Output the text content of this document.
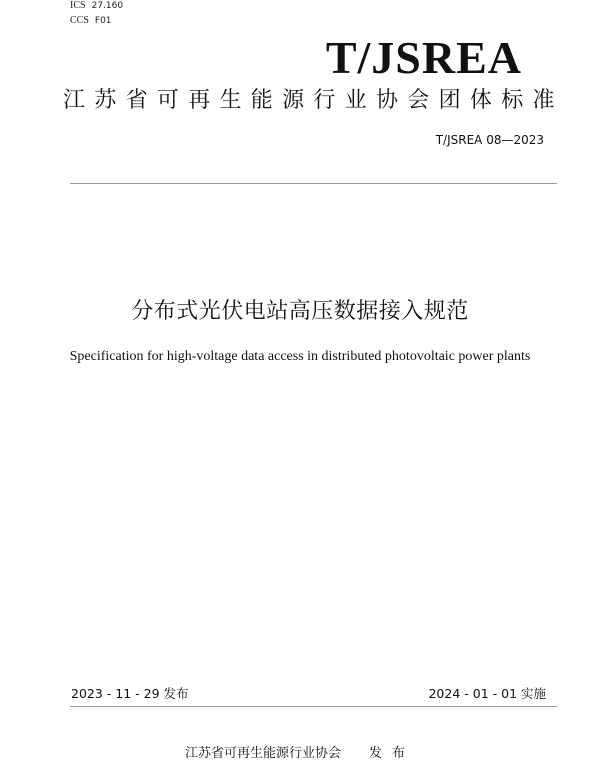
ICS 27.160
CCS F01
T/JSREA
江苏省可再生能源行业协会团体标准
T/JSREA 08—2023
分布式光伏电站高压数据接入规范
Specification for high-voltage data access in distributed photovoltaic power plants
2023 - 11 - 29 发布	2024 - 01 - 01 实施
江苏省可再生能源行业协会 发布
